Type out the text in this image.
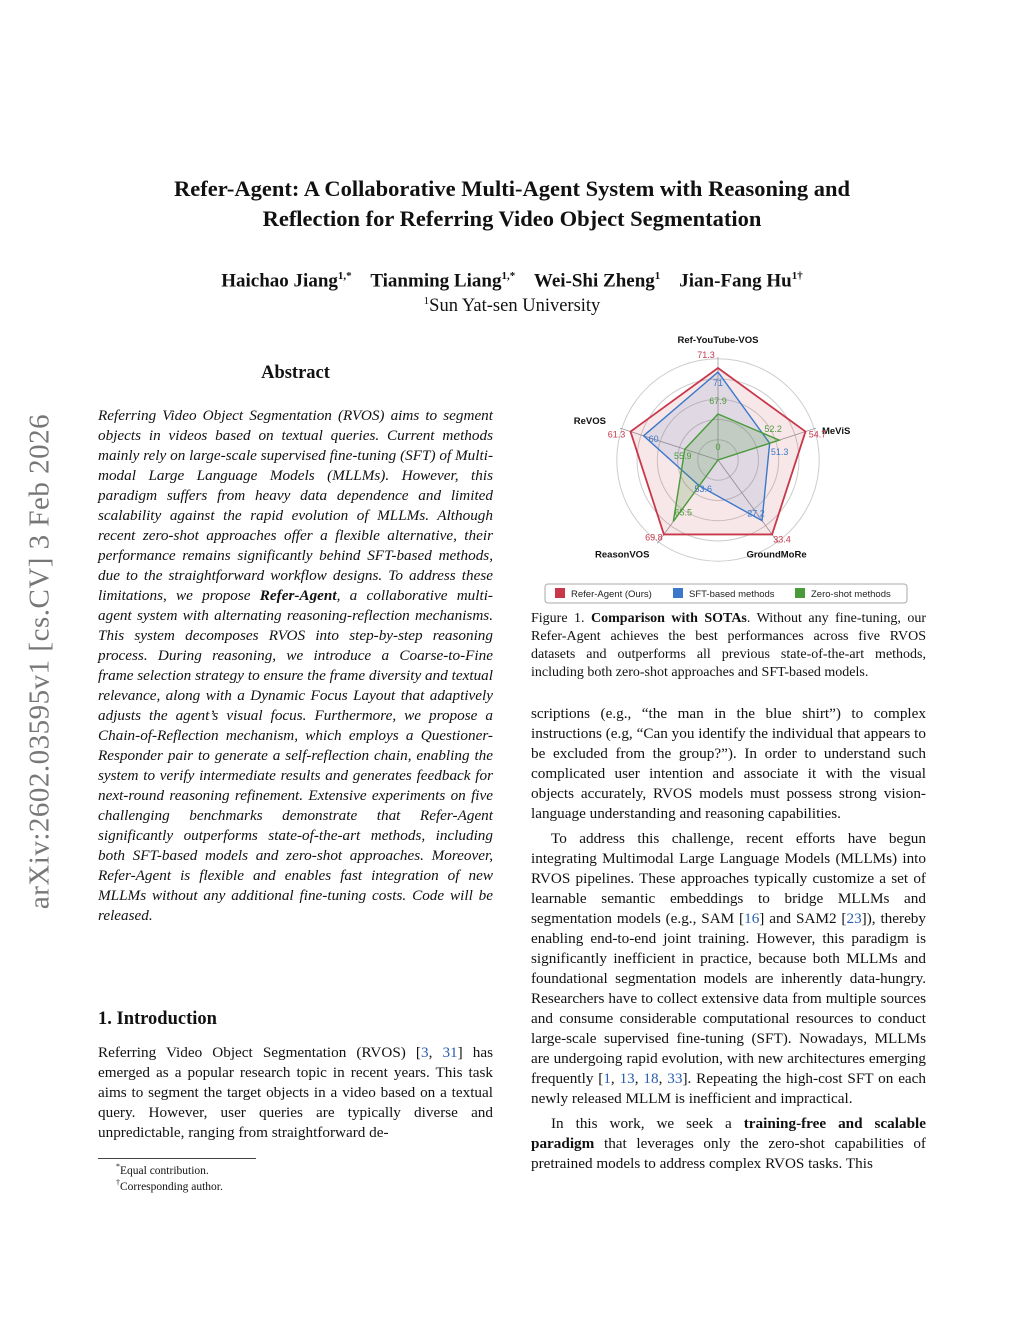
arXiv:2602.03595v1 [cs.CV] 3 Feb 2026
Refer-Agent: A Collaborative Multi-Agent System with Reasoning and
Reflection for Referring Video Object Segmentation
Haichao Jiang$^{1,*}$ Tianming Liang$^{1,*}$ Wei-Shi Zheng$^1$ Jian-Fang $Hu^{1\dagger}$
$^1$Sun Yat-sen University
Abstract

Referring Video Object Segmentation (RVOS) aims to segment objects in videos based on textual queries. Current methods mainly rely on large-scale supervised fine-tuning (SFT) of Multi-modal Large Language Models (MLLMs). However, this paradigm suffers from heavy data dependence and limited scalability against the rapid evolution of MLLMs. Although recent zero-shot approaches offer a flexible alternative, their performance remains significantly behind SFT-based methods, due to the straightforward workflow designs. To address these limitations, we propose Refer-Agent, a collaborative multi-agent system with alternating reasoning-reflection mechanisms. This system decomposes RVOS into step-by-step reasoning process. During reasoning, we introduce a Coarse-to-Fine frame selection strategy to ensure the frame diversity and textual relevance, along with a Dynamic Focus Layout that adaptively adjusts the agent’s visual focus. Furthermore, we propose a Chain-of-Reflection mechanism, which employs a Questioner-Responder pair to generate a self-reflection chain, enabling the system to verify intermediate results and generates feedback for next-round reasoning refinement. Extensive experiments on five challenging benchmarks demonstrate that Refer-Agent significantly outperforms state-of-the-art methods, including both SFT-based models and zero-shot approaches. Moreover, Refer-Agent is flexible and enables fast integration of new MLLMs without any additional fine-tuning costs. Code will be released.

1. Introduction

Referring Video Object Segmentation (RVOS) [3, 31] has emerged as a popular research topic in recent years. This task aims to segment the target objects in a video based on a textual query. However, user queries are typically diverse and unpredictable, ranging from straightforward de-

*Equal contribution.
†Corresponding author.
Ref-YouTube-VOS
MeViS
GroundMoRe
ReasonVOS
ReVOS
71.3
54.7
33.4
69.8
61.3
71
51.3
27.2
53.6
60
67.9
52.2
0
65.5
55.9
Refer-Agent (Ours)	SFT-based methods	Zero-shot methods

Figure 1. Comparison with SOTAs. Without any fine-tuning, our Refer-Agent achieves the best performances across five RVOS datasets and outperforms all previous state-of-the-art methods, including both zero-shot approaches and SFT-based models.

scriptions (e.g., “the man in the blue shirt”) to complex instructions (e.g, “Can you identify the individual that appears to be excluded from the group?”). In order to understand such complicated user intention and associate it with the visual objects accurately, RVOS models must possess strong vision-language understanding and reasoning capabilities.

To address this challenge, recent efforts have begun integrating Multimodal Large Language Models (MLLMs) into RVOS pipelines. These approaches typically customize a set of learnable semantic embeddings to bridge MLLMs and segmentation models (e.g., SAM [16] and SAM2 [23]), thereby enabling end-to-end joint training. However, this paradigm is significantly inefficient in practice, because both MLLMs and foundational segmentation models are inherently data-hungry. Researchers have to collect extensive data from multiple sources and consume considerable computational resources to conduct large-scale supervised fine-tuning (SFT). Nowadays, MLLMs are undergoing rapid evolution, with new architectures emerging frequently [1, 13, 18, 33]. Repeating the high-cost SFT on each newly released MLLM is inefficient and impractical.

In this work, we seek a training-free and scalable paradigm that leverages only the zero-shot capabilities of pretrained models to address complex RVOS tasks. This
